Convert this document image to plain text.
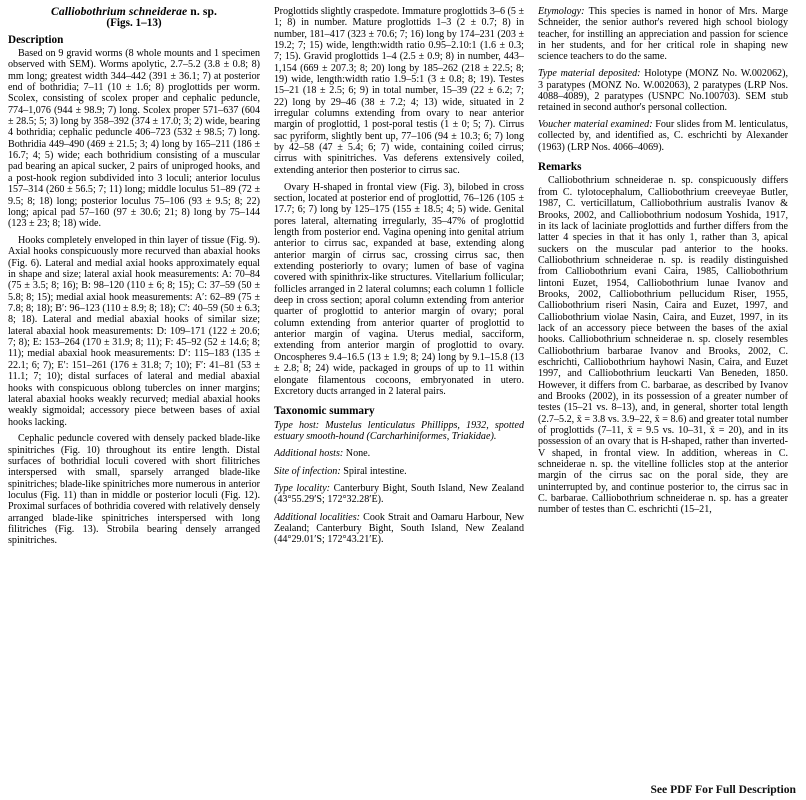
Calliobothrium schneiderae n. sp.
(Figs. 1–13)
Description

Based on 9 gravid worms (8 whole mounts and 1 specimen observed with SEM). Worms apolytic, 2.7–5.2 (3.8 ± 0.8; 8) mm long; greatest width 344–442 (391 ± 36.1; 7) at posterior end of bothridia; 7–11 (10 ± 1.6; 8) proglottids per worm. Scolex, consisting of scolex proper and cephalic peduncle, 774–1,076 (944 ± 98.9; 7) long. Scolex proper 571–637 (604 ± 28.5; 5; 3) long by 358–392 (374 ± 17.0; 3; 2) wide, bearing 4 bothridia; cephalic peduncle 406–723 (532 ± 98.5; 7) long. Bothridia 449–490 (469 ± 21.5; 3; 4) long by 165–211 (186 ± 16.7; 4; 5) wide; each bothridium consisting of a muscular pad bearing an apical sucker, 2 pairs of uniproged hooks, and a post-hook region subdivided into 3 loculi; anterior loculus 157–314 (260 ± 56.5; 7; 11) long; middle loculus 51–89 (72 ± 9.5; 8; 18) long; posterior loculus 75–106 (93 ± 9.5; 8; 22) long; apical pad 57–160 (97 ± 30.6; 21; 8) long by 75–144 (123 ± 23; 8; 18) wide.

Hooks completely enveloped in thin layer of tissue (Fig. 9). Axial hooks conspicuously more recurved than abaxial hooks (Fig. 6). Lateral and medial axial hooks approximately equal in shape and size; lateral axial hook measurements: A: 70–84 (75 ± 3.5; 8; 16); B: 98–120 (110 ± 6; 8; 15); C: 37–59 (50 ± 5.8; 8; 15); medial axial hook measurements: A′: 62–89 (75 ± 7.8; 8; 18); B′: 96–123 (110 ± 8.9; 8; 18); C′: 40–59 (50 ± 6.3; 8; 18). Lateral and medial abaxial hooks of similar size; lateral abaxial hook measurements: D: 109–171 (122 ± 20.6; 7; 8); E: 153–264 (170 ± 31.9; 8; 11); F: 45–92 (52 ± 14.6; 8; 11); medial abaxial hook measurements: D′: 115–183 (135 ± 22.1; 6; 7); E′: 151–261 (176 ± 31.8; 7; 10); F′: 41–81 (53 ± 11.1; 7; 10); distal surfaces of lateral and medial abaxial hooks with conspicuous oblong tubercles on inner margins; lateral abaxial hooks weakly recurved; medial abaxial hooks weakly sigmoidal; accessory piece between bases of axial hooks lacking.

Cephalic peduncle covered with densely packed blade-like spinitriches (Fig. 10) throughout its entire length. Distal surfaces of bothridial loculi covered with short filitriches interspersed with small, sparsely arranged blade-like spinitriches; blade-like spinitriches more numerous in anterior loculus (Fig. 11) than in middle or posterior loculi (Fig. 12). Proximal surfaces of bothridia covered with relatively densely arranged blade-like spinitriches interspersed with long filitriches (Fig. 13). Strobila bearing densely arranged spinitriches.

Proglottids slightly craspedote. Immature proglottids 3–6 (5 ± 1; 8) in number. Mature proglottids 1–3 (2 ± 0.7; 8) in number, 181–417 (323 ± 70.6; 7; 16) long by 174–231 (203 ± 19.2; 7; 15) wide, length:width ratio 0.95–2.10:1 (1.6 ± 0.3; 7; 15). Gravid proglottids 1–4 (2.5 ± 0.9; 8) in number, 443–1,154 (669 ± 207.3; 8; 20) long by 185–262 (218 ± 22.5; 8; 19) wide, length:width ratio 1.9–5:1 (3 ± 0.8; 8; 19). Testes 15–21 (18 ± 2.5; 6; 9) in total number, 15–39 (22 ± 6.2; 7; 22) long by 29–46 (38 ± 7.2; 4; 13) wide, situated in 2 irregular columns extending from ovary to near anterior margin of proglottid, 1 post-poral testis (1 ± 0; 5; 7). Cirrus sac pyriform, slightly bent up, 77–106 (94 ± 10.3; 6; 7) long by 42–58 (47 ± 5.4; 6; 7) wide, containing coiled cirrus; cirrus with spinitriches. Vas deferens extensively coiled, extending anterior then posterior to cirrus sac.

Ovary H-shaped in frontal view (Fig. 3), bilobed in cross section, located at posterior end of proglottid, 76–126 (105 ± 17.7; 6; 7) long by 125–175 (155 ± 18.5; 4; 5) wide. Genital pores lateral, alternating irregularly, 35–47% of proglottid length from posterior end. Vagina opening into genital atrium anterior to cirrus sac, expanded at base, extending along anterior margin of cirrus sac, crossing cirrus sac, then extending posteriorly to ovary; lumen of base of vagina covered with spinithrix-like structures. Vitellarium follicular; follicles arranged in 2 lateral columns; each column 1 follicle deep in cross section; aporal column extending from anterior quarter of proglottid to anterior margin of ovary; poral column extending from anterior quarter of proglottid to anterior margin of vagina. Uterus medial, sacciform, extending from anterior margin of proglottid to ovary. Oncospheres 9.4–16.5 (13 ± 1.9; 8; 24) long by 9.1–15.8 (13 ± 2.8; 8; 24) wide, packaged in groups of up to 11 within elongate filamentous cocoons, embryonated in utero. Excretory ducts arranged in 2 lateral pairs.

Taxonomic summary

Type host: Mustelus lenticulatus Phillipps, 1932, spotted estuary smooth-hound (Carcharhiniformes, Triakidae).

Additional hosts: None.

Site of infection: Spiral intestine.

Type locality: Canterbury Bight, South Island, New Zealand (43°55.29′S; 172°32.28′E).

Additional localities: Cook Strait and Oamaru Harbour, New Zealand; Canterbury Bight, South Island, New Zealand (44°29.01′S; 172°43.21′E).

Etymology: This species is named in honor of Mrs. Marge Schneider, the senior author's revered high school biology teacher, for instilling an appreciation and passion for science in her students, and for her critical role in shaping new science teachers to do the same.

Type material deposited: Holotype (MONZ No. W.002062), 3 paratypes (MONZ No. W.002063), 2 paratypes (LRP Nos. 4088–4089), 2 paratypes (USNPC No.100703). SEM stub retained in second author's personal collection.

Voucher material examined: Four slides from M. lenticulatus, collected by, and identified as, C. eschrichti by Alexander (1963) (LRP Nos. 4066–4069).

Remarks

Calliobothrium schneiderae n. sp. conspicuously differs from C. tylotocephalum, Calliobothrium creeveyae Butler, 1987, C. verticillatum, Calliobothrium australis Ivanov & Brooks, 2002, and Calliobothrium nodosum Yoshida, 1917, in its lack of laciniate proglottids and further differs from the latter 4 species in that it has only 1, rather than 3, apical suckers on the muscular pad anterior to the hooks. Calliobothrium schneiderae n. sp. is readily distinguished from Calliobothrium evani Caira, 1985, Calliobothrium lintoni Euzet, 1954, Calliobothrium lunae Ivanov and Brooks, 2002, Calliobothrium pellucidum Riser, 1955, Calliobothrium riseri Nasin, Caira and Euzet, 1997, and Calliobothrium violae Nasin, Caira, and Euzet, 1997, in its lack of an accessory piece between the bases of the axial hooks. Calliobothrium schneiderae n. sp. closely resembles Calliobothrium barbarae Ivanov and Brooks, 2002, C. eschrichti, Calliobothrium hayhowi Nasin, Caira, and Euzet 1997, and Calliobothrium leuckarti Van Beneden, 1850. However, it differs from C. barbarae, as described by Ivanov and Brooks (2002), in its possession of a greater number of testes (15–21 vs. 8–13), and, in general, shorter total length (2.7–5.2, x̄ = 3.8 vs. 3.9–22, x̄ = 8.6) and greater total number of proglottids (7–11, x̄ = 9.5 vs. 10–31, x̄ = 20), and in its possession of an ovary that is H-shaped, rather than inverted-V shaped, in frontal view. In addition, whereas in C. schneiderae n. sp. the vitelline follicles stop at the anterior margin of the cirrus sac on the poral side, they are uninterrupted by, and continue posterior to, the cirrus sac in C. barbarae. Calliobothrium schneiderae n. sp. has a greater number of testes than C. eschrichti (15–21,

See PDF For Full Description
